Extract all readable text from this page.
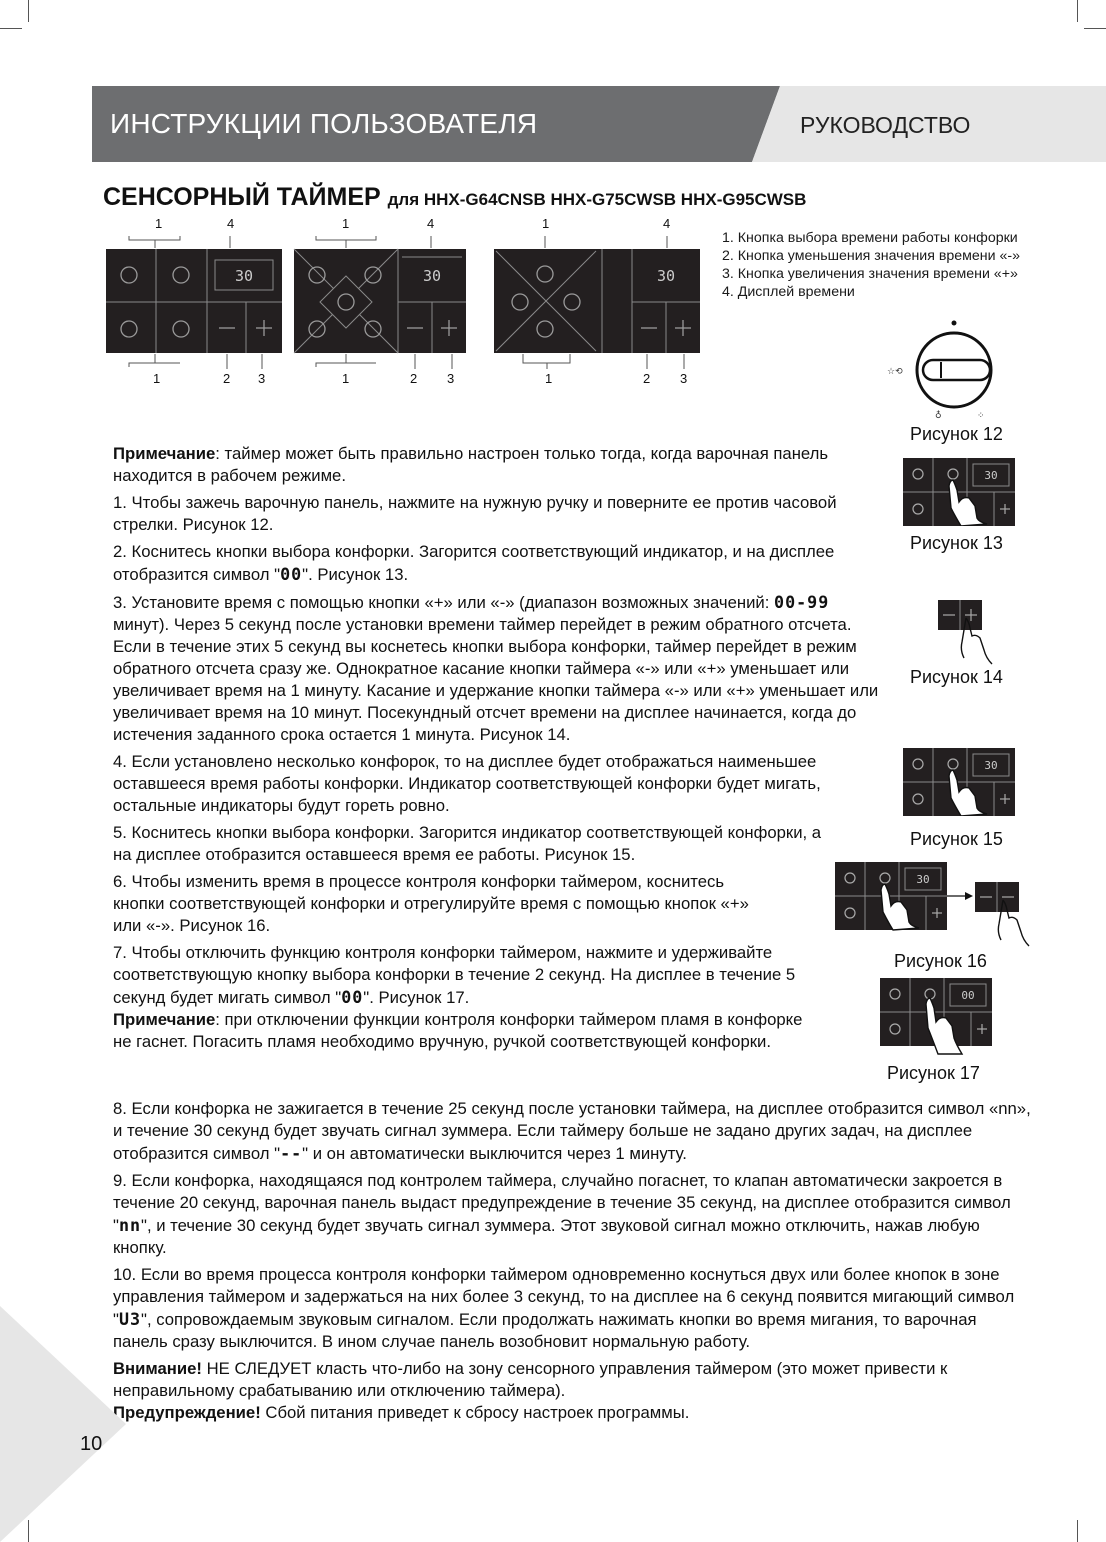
ИНСТРУКЦИИ ПОЛЬЗОВАТЕЛЯ	РУКОВОДСТВО
СЕНСОРНЫЙ ТАЙМЕР для HHX-G64CNSB HHX-G75CWSB HHX-G95CWSB
30
1	4
1	2 3
30
1	4
1	2 3
30
1	4
1	2 3
1. Кнопка выбора времени работы конфорки
2. Кнопка уменьшения значения времени «-»
3. Кнопка увеличения значения времени «+»
4. Дисплей времени
☆⟲
♁	⁘
Рисунок 12
30
Рисунок 13
Рисунок 14
30
Рисунок 15
30
Рисунок 16
00
Рисунок 17

Примечание: таймер может быть правильно настроен только тогда, когда варочная панель находится в рабочем режиме.

1. Чтобы зажечь варочную панель, нажмите на нужную ручку и поверните ее против часовой стрелки. Рисунок 12.

2. Коснитесь кнопки выбора конфорки. Загорится соответствующий индикатор, и на дисплее отобразится символ "00". Рисунок 13.

3. Установите время с помощью кнопки «+» или «-» (диапазон возможных значений: 00-99 минут). Через 5 секунд после установки времени таймер перейдет в режим обратного отсчета. Если в течение этих 5 секунд вы коснетесь кнопки выбора конфорки, таймер перейдет в режим обратного отсчета сразу же. Однократное касание кнопки таймера «-» или «+» уменьшает или увеличивает время на 1 минуту. Касание и удержание кнопки таймера «-» или «+» уменьшает или увеличивает время на 10 минут. Посекундный отсчет времени на дисплее начинается, когда до истечения заданного срока остается 1 минута. Рисунок 14.

4. Если установлено несколько конфорок, то на дисплее будет отображаться наименьшее оставшееся время работы конфорки. Индикатор соответствующей конфорки будет мигать, остальные индикаторы будут гореть ровно.

5. Коснитесь кнопки выбора конфорки. Загорится индикатор соответствующей конфорки, а на дисплее отобразится оставшееся время ее работы. Рисунок 15.

6. Чтобы изменить время в процессе контроля конфорки таймером, коснитесь кнопки соответствующей конфорки и отрегулируйте время с помощью кнопок «+» или «-». Рисунок 16.

7. Чтобы отключить функцию контроля конфорки таймером, нажмите и удерживайте соответствующую кнопку выбора конфорки в течение 2 секунд. На дисплее в течение 5 секунд будет мигать символ "00". Рисунок 17.

Примечание: при отключении функции контроля конфорки таймером пламя в конфорке не гаснет. Погасить пламя необходимо вручную, ручкой соответствующей конфорки.

8. Если конфорка не зажигается в течение 25 секунд после установки таймера, на дисплее отобразится символ «nn», и течение 30 секунд будет звучать сигнал зуммера. Если таймеру больше не задано других задач, на дисплее отобразится символ "--" и он автоматически выключится через 1 минуту.

9. Если конфорка, находящаяся под контролем таймера, случайно погаснет, то клапан автоматически закроется в течение 20 секунд, варочная панель выдаст предупреждение в течение 35 секунд, на дисплее отобразится символ "nn", и течение 30 секунд будет звучать сигнал зуммера. Этот звуковой сигнал можно отключить, нажав любую кнопку.

10. Если во время процесса контроля конфорки таймером одновременно коснуться двух или более кнопок в зоне управления таймером и задержаться на них более 3 секунд, то на дисплее на 6 секунд появится мигающий символ "U3", сопровождаемым звуковым сигналом. Если продолжать нажимать кнопки во время мигания, то варочная панель сразу выключится. В ином случае панель возобновит нормальную работу.

Внимание! НЕ СЛЕДУЕТ класть что-либо на зону сенсорного управления таймером (это может привести к неправильному срабатыванию или отключению таймера).

Предупреждение! Сбой питания приведет к сбросу настроек программы.

10
